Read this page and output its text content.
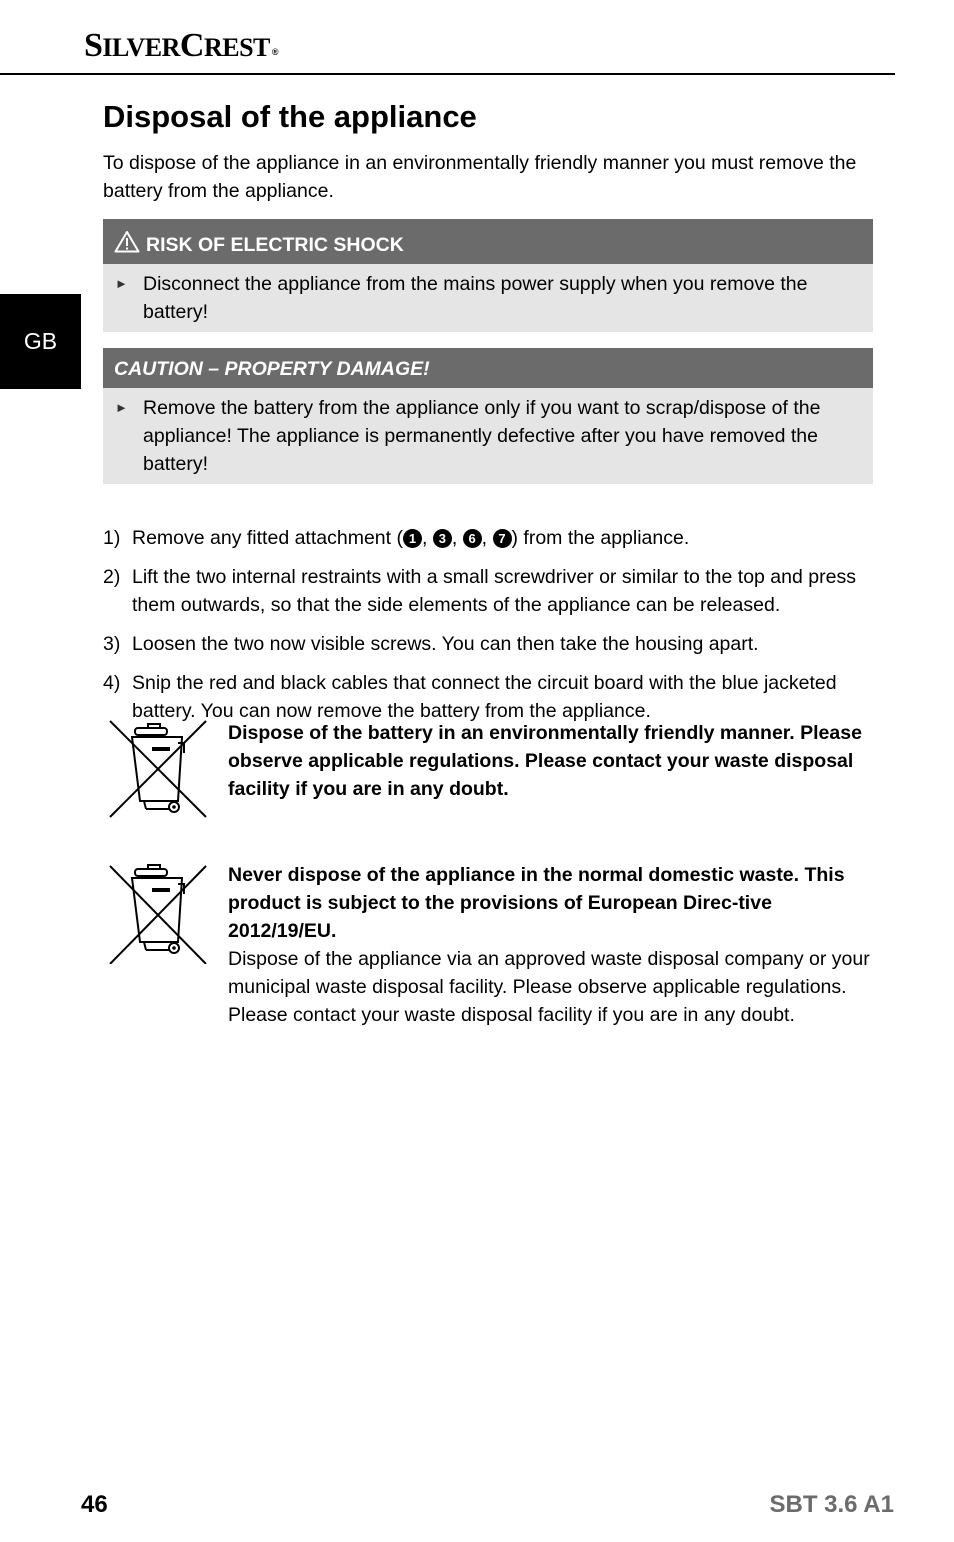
SILVERCREST ®
GB
Disposal of the appliance

To dispose of the appliance in an environmentally friendly manner you must remove the battery from the appliance.

RISK OF ELECTRIC SHOCK
► Disconnect the appliance from the mains power supply when you remove the battery!
CAUTION – PROPERTY DAMAGE!
► Remove the battery from the appliance only if you want to scrap/dispose of the appliance! The appliance is permanently defective after you have removed the battery!
1) Remove any fitted attachment ( 1 , 3 , 6 , 7 ) from the appliance.
2) Lift the two internal restraints with a small screwdriver or similar to the top and press them outwards, so that the side elements of the appliance can be released.
3) Loosen the two now visible screws. You can then take the housing apart.
4) Snip the red and black cables that connect the circuit board with the blue jacketed battery. You can now remove the battery from the appliance.
Dispose of the battery in an environmentally friendly manner. Please observe applicable regulations. Please contact your waste disposal facility if you are in any doubt.
Never dispose of the appliance in the normal domestic waste. This product is subject to the provisions of European Direc-tive 2012/19/EU.
Dispose of the appliance via an approved waste disposal company or your municipal waste disposal facility. Please observe applicable regulations. Please contact your waste disposal facility if you are in any doubt.
46	SBT 3.6 A1
